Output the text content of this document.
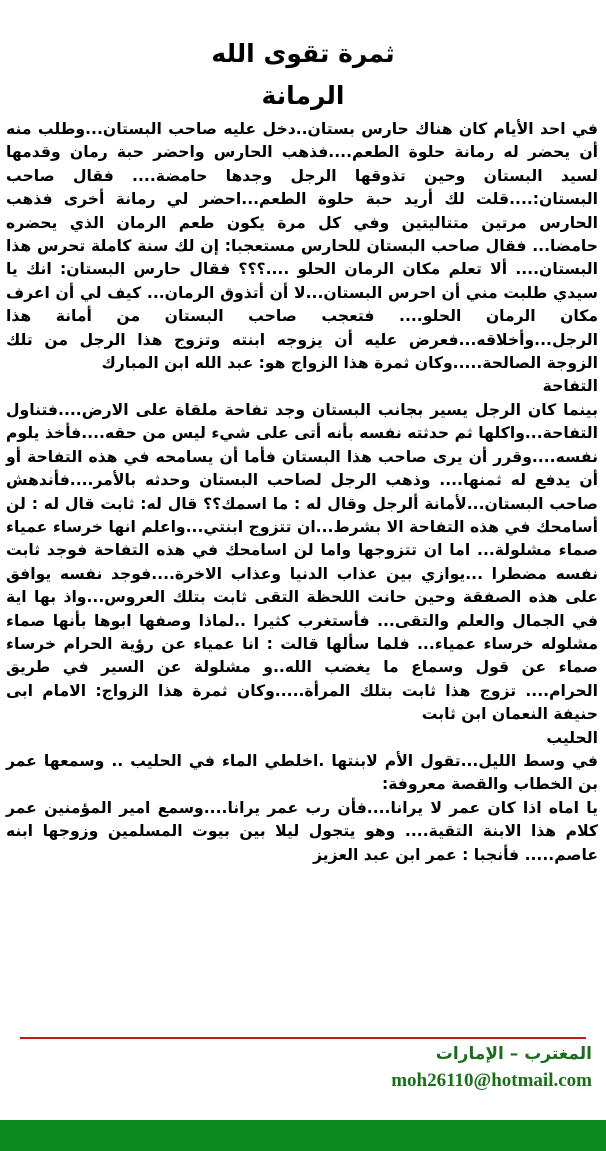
ثمرة تقوى الله
الرمانة

في احد الأيام كان هناك حارس بستان..دخل عليه صاحب البستان...وطلب منه أن يحضر له رمانة حلوة الطعم....فذهب الحارس واحضر حبة رمان وقدمها لسيد البستان وحين تذوقها الرجل وجدها حامضة.... فقال صاحب البستان:....قلت لك أريد حبة حلوة الطعم...احضر لي رمانة أخرى فذهب الحارس مرتين متتاليتين وفي كل مرة يكون طعم الرمان الذي يحضره حامضا... فقال صاحب البستان للحارس مستعجبا: إن لك سنة كاملة تحرس هذا البستان.... ألا تعلم مكان الرمان الحلو ....؟؟؟ فقال حارس البستان: انك يا سيدي طلبت مني أن احرس البستان...لا أن أتذوق الرمان... كيف لي أن اعرف مكان الرمان الحلو.... فتعجب صاحب البستان من أمانة هذا الرجل...وأخلاقه...فعرض عليه أن يزوجه ابنته وتزوج هذا الرجل من تلك الزوجة الصالحة.....وكان ثمرة هذا الزواج هو: عبد الله ابن المبارك

التفاحة

بينما كان الرجل يسير بجانب البستان وجد تفاحة ملقاة على الارض....فتناول التفاحة...واكلها ثم حدثته نفسه بأنه أتى على شيء ليس من حقه....فأخذ يلوم نفسه....وقرر أن يرى صاحب هذا البستان فأما أن يسامحه في هذه التفاحة أو أن يدفع له ثمنها.... وذهب الرجل لصاحب البستان وحدثه بالأمر....فأندهش صاحب البستان...لأمانة ألرجل وقال له : ما اسمك؟؟ قال له: ثابت قال له : لن أسامحك في هذه التفاحة الا بشرط...ان تتزوج ابنتي...واعلم انها خرساء عمياء صماء مشلولة... اما ان تتزوجها واما لن اسامحك في هذه التفاحة فوجد ثابت نفسه مضطرا ...يوازي بين عذاب الدنيا وعذاب الاخرة....فوجد نفسه يوافق على هذه الصفقة وحين حانت اللحظة التقى ثابت بتلك العروس...واذ بها اية في الجمال والعلم والتقى... فأستغرب كثيرا ..لماذا وصفها ابوها بأنها صماء مشلوله خرساء عمياء... فلما سألها قالت : انا عمياء عن رؤية الحرام خرساء صماء عن قول وسماع ما يغضب الله..و مشلولة عن السير في طريق الحرام.... تزوج هذا ثابت بتلك المرأة.....وكان ثمرة هذا الزواج: الامام ابى حنيفة النعمان ابن ثابت

الحليب

في وسط الليل...تقول الأم لابنتها .اخلطي الماء في الحليب .. وسمعها عمر بن الخطاب والقصة معروفة:

يا اماه اذا كان عمر لا يرانا....فأن رب عمر يرانا....وسمع امير المؤمنين عمر كلام هذا الابنة التقية.... وهو يتجول ليلا بين بيوت المسلمين وزوجها ابنه عاصم..... فأنجبا : عمر ابن عبد العزيز

المغترب – الإمارات
moh26110@hotmail.com
